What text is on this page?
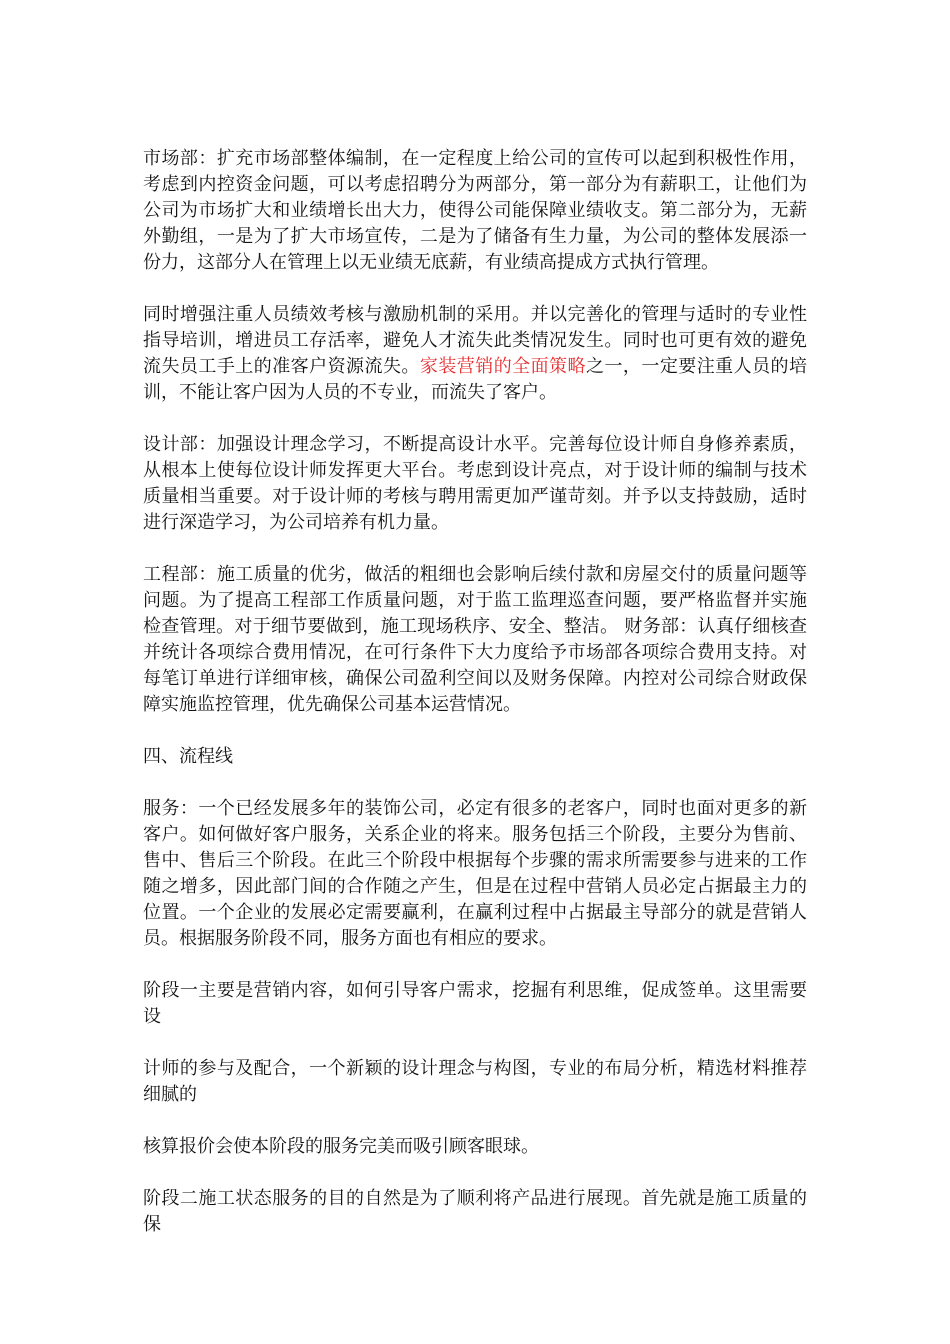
市场部：扩充市场部整体编制，在一定程度上给公司的宣传可以起到积极性作用，考虑到内控资金问题，可以考虑招聘分为两部分，第一部分为有薪职工，让他们为公司为市场扩大和业绩增长出大力，使得公司能保障业绩收支。第二部分为，无薪外勤组，一是为了扩大市场宣传，二是为了储备有生力量，为公司的整体发展添一份力，这部分人在管理上以无业绩无底薪，有业绩高提成方式执行管理。

同时增强注重人员绩效考核与激励机制的采用。并以完善化的管理与适时的专业性指导培训，增进员工存活率，避免人才流失此类情况发生。同时也可更有效的避免流失员工手上的准客户资源流失。家装营销的全面策略之一，一定要注重人员的培训，不能让客户因为人员的不专业，而流失了客户。

设计部：加强设计理念学习，不断提高设计水平。完善每位设计师自身修养素质，从根本上使每位设计师发挥更大平台。考虑到设计亮点，对于设计师的编制与技术质量相当重要。对于设计师的考核与聘用需更加严谨苛刻。并予以支持鼓励，适时进行深造学习，为公司培养有机力量。

工程部：施工质量的优劣，做活的粗细也会影响后续付款和房屋交付的质量问题等问题。为了提高工程部工作质量问题，对于监工监理巡查问题，要严格监督并实施检查管理。对于细节要做到，施工现场秩序、安全、整洁。 财务部：认真仔细核查并统计各项综合费用情况，在可行条件下大力度给予市场部各项综合费用支持。对每笔订单进行详细审核，确保公司盈利空间以及财务保障。内控对公司综合财政保障实施监控管理，优先确保公司基本运营情况。

四、流程线

服务：一个已经发展多年的装饰公司，必定有很多的老客户，同时也面对更多的新客户。如何做好客户服务，关系企业的将来。服务包括三个阶段，主要分为售前、售中、售后三个阶段。在此三个阶段中根据每个步骤的需求所需要参与进来的工作随之增多，因此部门间的合作随之产生，但是在过程中营销人员必定占据最主力的位置。一个企业的发展必定需要赢利，在赢利过程中占据最主导部分的就是营销人员。根据服务阶段不同，服务方面也有相应的要求。

阶段一主要是营销内容，如何引导客户需求，挖掘有利思维，促成签单。这里需要设

计师的参与及配合，一个新颖的设计理念与构图，专业的布局分析，精选材料推荐细腻的

核算报价会使本阶段的服务完美而吸引顾客眼球。

阶段二施工状态服务的目的自然是为了顺利将产品进行展现。首先就是施工质量的保
